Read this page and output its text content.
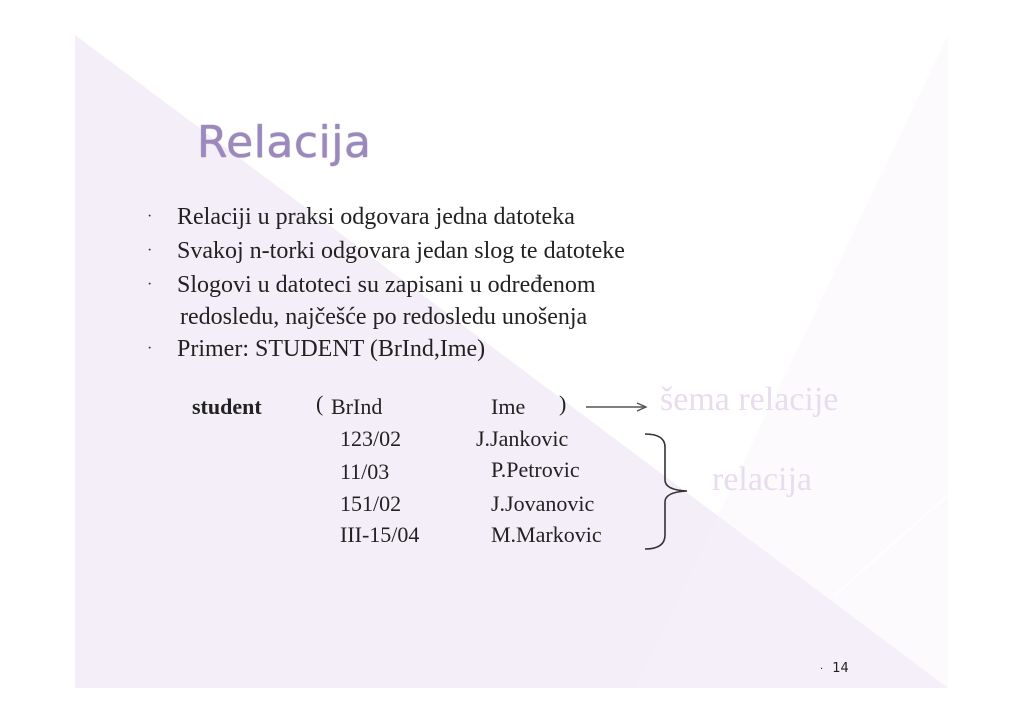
Relacija
· Relaciji u praksi odgovara jedna datoteka
· Svakoj n-torki odgovara jedan slog te datoteke
· Slogovi u datoteci su zapisani u određenom
redosledu, najčešće po redosledu unošenja
· Primer: STUDENT (BrInd,Ime)
student ( BrInd	Ime )
123/02	J.Jankovic
11/03	P.Petrovic
151/02	J.Jovanovic
III-15/04	M.Markovic
šema relacije
relacija
· 14
